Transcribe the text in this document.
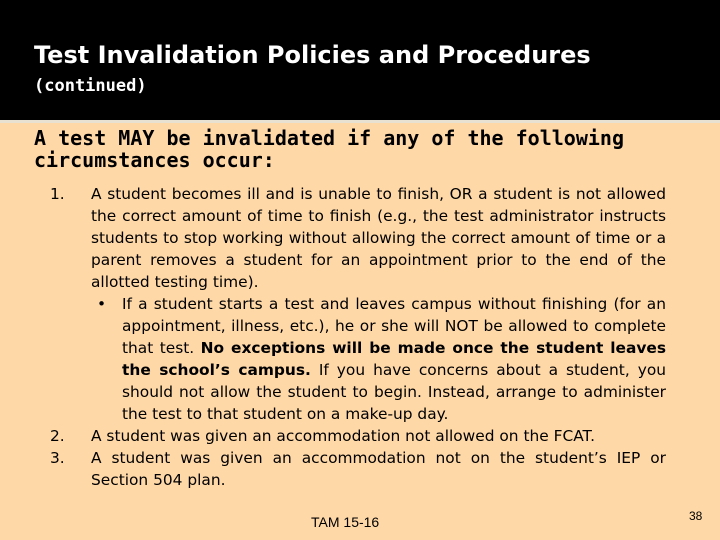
Test Invalidation Policies and Procedures
(continued)
A test MAY be invalidated if any of the following circumstances occur:
1. A student becomes ill and is unable to finish, OR a student is not allowed the correct amount of time to finish (e.g., the test administrator instructs students to stop working without allowing the correct amount of time or a parent removes a student for an appointment prior to the end of the allotted testing time).
• If a student starts a test and leaves campus without finishing (for an appointment, illness, etc.), he or she will NOT be allowed to complete that test. No exceptions will be made once the student leaves the school’s campus. If you have concerns about a student, you should not allow the student to begin. Instead, arrange to administer the test to that student on a make-up day.
2. A student was given an accommodation not allowed on the FCAT.
3. A student was given an accommodation not on the student’s IEP or Section 504 plan.
TAM 15-16	38
